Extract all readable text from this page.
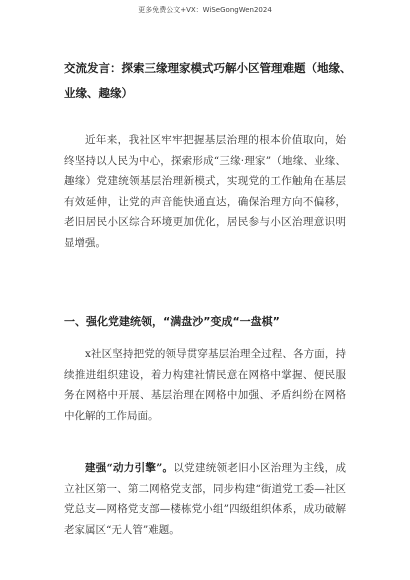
更多免费公文+VX：WiSeGongWen2024
交流发言：探索三缘理家模式巧解小区管理难题（地缘、业缘、趣缘）

近年来，我社区牢牢把握基层治理的根本价值取向，始终坚持以人民为中心，探索形成“三缘·理家”（地缘、业缘、趣缘）党建统领基层治理新模式，实现党的工作触角在基层有效延伸，让党的声音能快通直达，确保治理方向不偏移，老旧居民小区综合环境更加优化，居民参与小区治理意识明显增强。

一、强化党建统领，“满盘沙”变成“一盘棋”

x社区坚持把党的领导贯穿基层治理全过程、各方面，持续推进组织建设，着力构建社情民意在网格中掌握、便民服务在网格中开展、基层治理在网格中加强、矛盾纠纷在网格中化解的工作局面。

建强“动力引擎”。以党建统领老旧小区治理为主线，成立社区第一、第二网格党支部，同步构建“街道党工委—社区党总支—网格党支部—楼栋党小组”四级组织体系，成功破解老家属区“无人管”难题。
